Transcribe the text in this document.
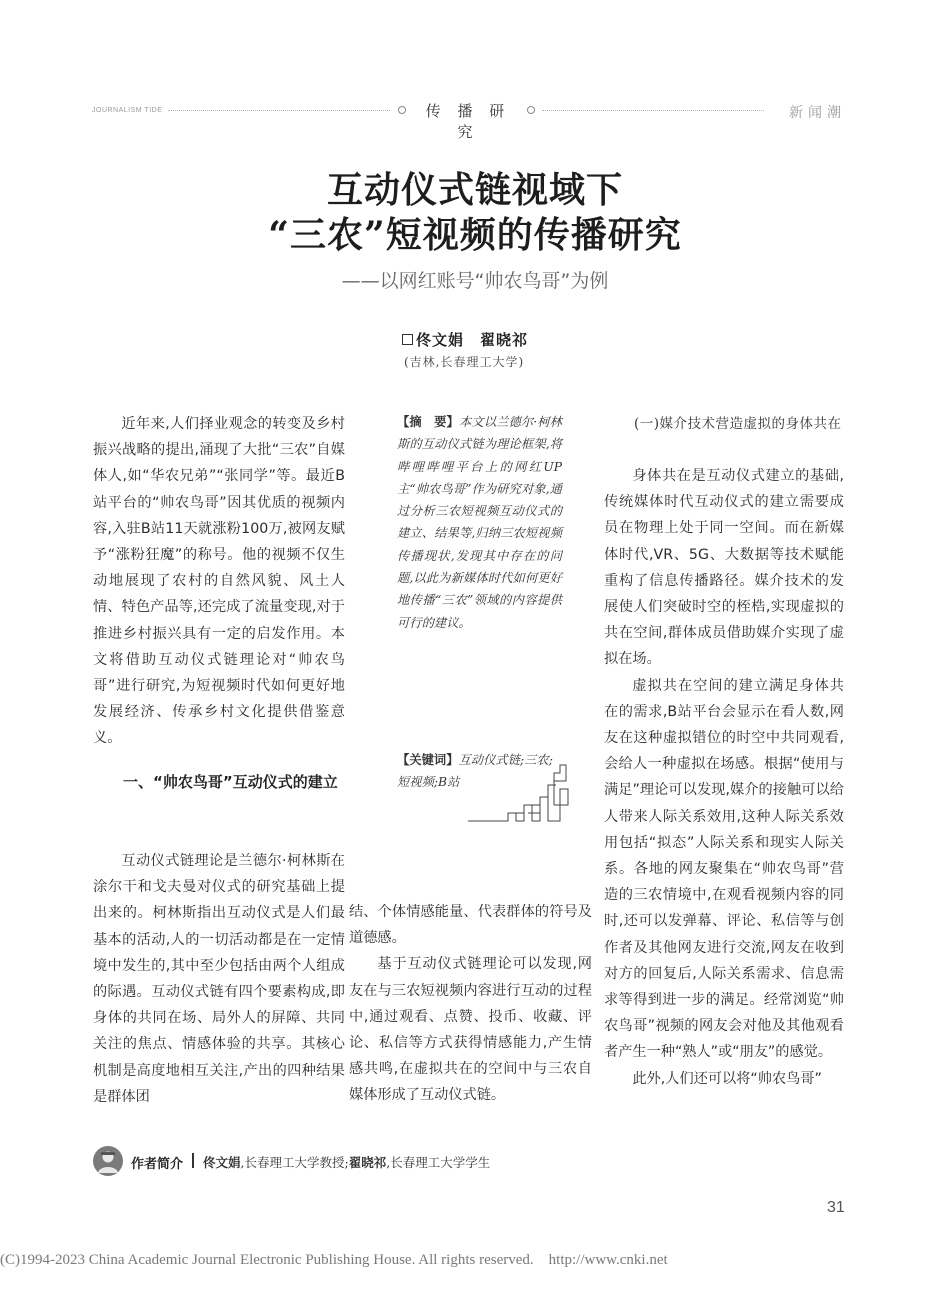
JOURNALISM TIDE	传 播 研 究
新闻潮
互动仪式链视域下
“三农”短视频的传播研究
——以网红账号“帅农鸟哥”为例
佟文娟　翟晓祁
(吉林,长春理工大学)

近年来,人们择业观念的转变及乡村振兴战略的提出,涌现了大批“三农”自媒体人,如“华农兄弟”“张同学”等。最近B站平台的“帅农鸟哥”因其优质的视频内容,入驻B站11天就涨粉100万,被网友赋予“涨粉狂魔”的称号。他的视频不仅生动地展现了农村的自然风貌、风土人情、特色产品等,还完成了流量变现,对于推进乡村振兴具有一定的启发作用。本文将借助互动仪式链理论对“帅农鸟哥”进行研究,为短视频时代如何更好地发展经济、传承乡村文化提供借鉴意义。

一、“帅农鸟哥”互动仪式的建立

互动仪式链理论是兰德尔·柯林斯在涂尔干和戈夫曼对仪式的研究基础上提出来的。柯林斯指出互动仪式是人们最基本的活动,人的一切活动都是在一定情境中发生的,其中至少包括由两个人组成的际遇。互动仪式链有四个要素构成,即身体的共同在场、局外人的屏障、共同关注的焦点、情感体验的共享。其核心机制是高度地相互关注,产出的四种结果是群体团

【摘　要】本文以兰德尔·柯林斯的互动仪式链为理论框架,将哔哩哔哩平台上的网红UP主“帅农鸟哥”作为研究对象,通过分析三农短视频互动仪式的建立、结果等,归纳三农短视频传播现状,发现其中存在的问题,以此为新媒体时代如何更好地传播“三农”领域的内容提供可行的建议。
【关键词】互动仪式链;三农;短视频;B站

结、个体情感能量、代表群体的符号及道德感。

基于互动仪式链理论可以发现,网友在与三农短视频内容进行互动的过程中,通过观看、点赞、投币、收藏、评论、私信等方式获得情感能力,产生情感共鸣,在虚拟共在的空间中与三农自媒体形成了互动仪式链。

(一)媒介技术营造虚拟的身体共在

身体共在是互动仪式建立的基础,传统媒体时代互动仪式的建立需要成员在物理上处于同一空间。而在新媒体时代,VR、5G、大数据等技术赋能重构了信息传播路径。媒介技术的发展使人们突破时空的桎梏,实现虚拟的共在空间,群体成员借助媒介实现了虚拟在场。

虚拟共在空间的建立满足身体共在的需求,B站平台会显示在看人数,网友在这种虚拟错位的时空中共同观看,会给人一种虚拟在场感。根据“使用与满足”理论可以发现,媒介的接触可以给人带来人际关系效用,这种人际关系效用包括“拟态”人际关系和现实人际关系。各地的网友聚集在“帅农鸟哥”营造的三农情境中,在观看视频内容的同时,还可以发弹幕、评论、私信等与创作者及其他网友进行交流,网友在收到对方的回复后,人际关系需求、信息需求等得到进一步的满足。经常浏览“帅农鸟哥”视频的网友会对他及其他观看者产生一种“熟人”或“朋友”的感觉。

此外,人们还可以将“帅农鸟哥”

作者简介 佟文娟,长春理工大学教授;翟晓祁,长春理工大学学生
31
(C)1994-2023 China Academic Journal Electronic Publishing House. All rights reserved.    http://www.cnki.net
